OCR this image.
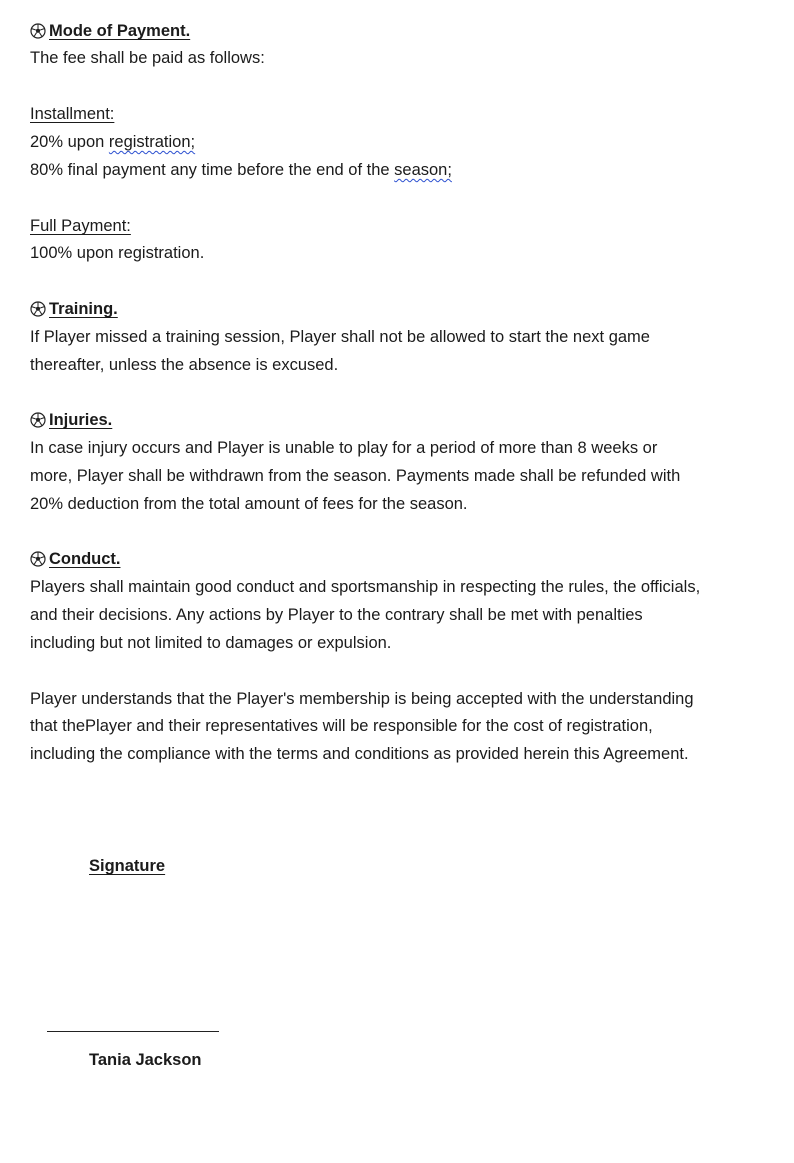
Mode of Payment.
The fee shall be paid as follows:
Installment:
20% upon registration;
80% final payment any time before the end of the season;
Full Payment:
100% upon registration.
Training.
If Player missed a training session, Player shall not be allowed to start the next game
thereafter, unless the absence is excused.
Injuries.
In case injury occurs and Player is unable to play for a period of more than 8 weeks or
more, Player shall be withdrawn from the season. Payments made shall be refunded with
20% deduction from the total amount of fees for the season.
Conduct.
Players shall maintain good conduct and sportsmanship in respecting the rules, the officials,
and their decisions. Any actions by Player to the contrary shall be met with penalties
including but not limited to damages or expulsion.
Player understands that the Player's membership is being accepted with the understanding
that thePlayer and their representatives will be responsible for the cost of registration,
including the compliance with the terms and conditions as provided herein this Agreement.
Signature
Tania Jackson
